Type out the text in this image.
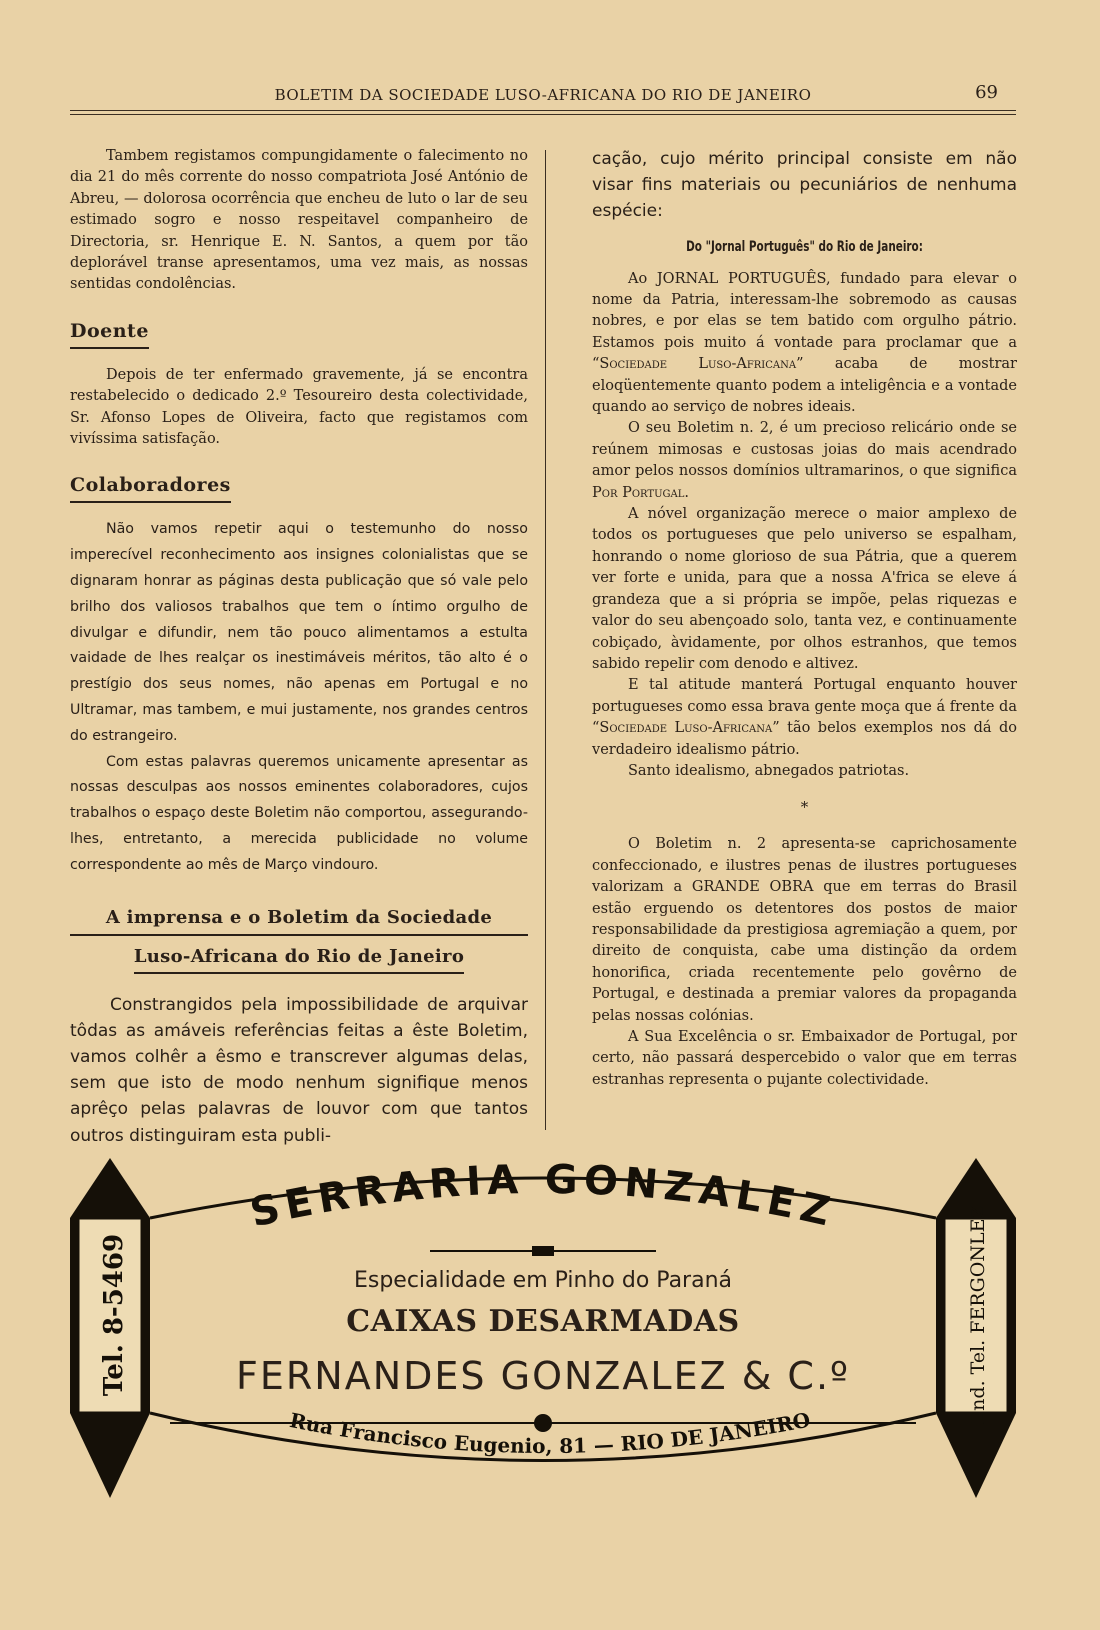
BOLETIM DA SOCIEDADE LUSO-AFRICANA DO RIO DE JANEIRO	69

Tambem registamos compungidamente o falecimento no dia 21 do mês corrente do nosso compatriota José António de Abreu, — dolorosa ocorrência que encheu de luto o lar de seu estimado sogro e nosso respeitavel companheiro de Directoria, sr. Henrique E. N. Santos, a quem por tão deplorável transe apresentamos, uma vez mais, as nossas sentidas condolências.

Doente

Depois de ter enfermado gravemente, já se encontra restabelecido o dedicado 2.º Tesoureiro desta colectividade, Sr. Afonso Lopes de Oliveira, facto que registamos com vivíssima satisfação.

Colaboradores

Não vamos repetir aqui o testemunho do nosso imperecível reconhecimento aos insignes colonialistas que se dignaram honrar as páginas desta publicação que só vale pelo brilho dos valiosos trabalhos que tem o íntimo orgulho de divulgar e difundir, nem tão pouco alimentamos a estulta vaidade de lhes realçar os inestimáveis méritos, tão alto é o prestígio dos seus nomes, não apenas em Portugal e no Ultramar, mas tambem, e mui justamente, nos grandes centros do estrangeiro.

Com estas palavras queremos unicamente apresentar as nossas desculpas aos nossos eminentes colaboradores, cujos trabalhos o espaço deste Boletim não comportou, assegurando-lhes, entretanto, a merecida publicidade no volume correspondente ao mês de Março vindouro.

A imprensa e o Boletim da Sociedade
Luso-Africana do Rio de Janeiro

Constrangidos pela impossibilidade de arquivar tôdas as amáveis referências feitas a êste Boletim, vamos colhêr a êsmo e transcrever algumas delas, sem que isto de modo nenhum signifique menos aprêço pelas palavras de louvor com que tantos outros distinguiram esta publi-

cação, cujo mérito principal consiste em não visar fins materiais ou pecuniários de nenhuma espécie:

Do "Jornal Português" do Rio de Janeiro:

Ao JORNAL PORTUGUÊS, fundado para elevar o nome da Patria, interessam-lhe sobremodo as causas nobres, e por elas se tem batido com orgulho pátrio. Estamos pois muito á vontade para proclamar que a “Sociedade Luso-Africana” acaba de mostrar eloqüentemente quanto podem a inteligência e a vontade quando ao serviço de nobres ideais.

O seu Boletim n. 2, é um precioso relicário onde se reúnem mimosas e custosas joias do mais acendrado amor pelos nossos domínios ultramarinos, o que significa Por Portugal.

A nóvel organização merece o maior amplexo de todos os portugueses que pelo universo se espalham, honrando o nome glorioso de sua Pátria, que a querem ver forte e unida, para que a nossa A'frica se eleve á grandeza que a si própria se impõe, pelas riquezas e valor do seu abençoado solo, tanta vez, e continuamente cobiçado, àvidamente, por olhos estranhos, que temos sabido repelir com denodo e altivez.

E tal atitude manterá Portugal enquanto houver portugueses como essa brava gente moça que á frente da “Sociedade Luso-Africana” tão belos exemplos nos dá do verdadeiro idealismo pátrio.

Santo idealismo, abnegados patriotas.

*

O Boletim n. 2 apresenta-se caprichosamente confeccionado, e ilustres penas de ilustres portugueses valorizam a GRANDE OBRA que em terras do Brasil estão erguendo os detentores dos postos de maior responsabilidade da prestigiosa agremiação a quem, por direito de conquista, cabe uma distinção da ordem honorifica, criada recentemente pelo govêrno de Portugal, e destinada a premiar valores da propaganda pelas nossas colónias.

A Sua Excelência o sr. Embaixador de Portugal, por certo, não passará despercebido o valor que em terras estranhas representa o pujante colectividade.

SERRARIA GONZALEZ
Rua Francisco Eugenio, 81 — RIO DE JANEIRO
Tel. 8-5469	End. Tel. FERGONLEZ
Especialidade em Pinho do Paraná
CAIXAS DESARMADAS
FERNANDES GONZALEZ & C.º
